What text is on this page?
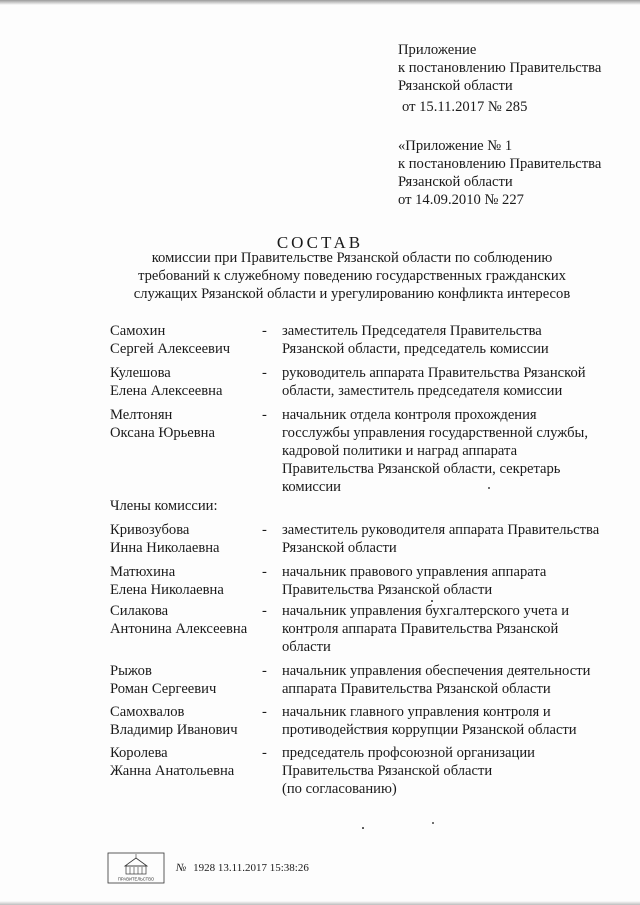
Приложение
к постановлению Правительства
Рязанской области
от 15.11.2017 № 285
«Приложение № 1
к постановлению Правительства
Рязанской области
от 14.09.2010 № 227
СОСТАВ
комиссии при Правительстве Рязанской области по соблюдению
требований к служебному поведению государственных гражданских
служащих Рязанской области и урегулированию конфликта интересов
Самохин
Сергей Алексеевич
- заместитель Председателя Правительства
Рязанской области, председатель комиссии
Кулешова
Елена Алексеевна
- руководитель аппарата Правительства Рязанской
области, заместитель председателя комиссии
Мелтонян
Оксана Юрьевна
- начальник отдела контроля прохождения
госслужбы управления государственной службы,
кадровой политики и наград аппарата
Правительства Рязанской области, секретарь
комиссии
Члены комиссии:
Кривозубова
Инна Николаевна
- заместитель руководителя аппарата Правительства
Рязанской области
Матюхина
Елена Николаевна
- начальник правового управления аппарата
Правительства Рязанской области
Силакова
Антонина Алексеевна
- начальник управления бухгалтерского учета и
контроля аппарата Правительства Рязанской
области
Рыжов
Роман Сергеевич
- начальник управления обеспечения деятельности
аппарата Правительства Рязанской области
Самохвалов
Владимир Иванович
- начальник главного управления контроля и
противодействия коррупции Рязанской области
Королева
Жанна Анатольевна
- председатель профсоюзной организации
Правительства Рязанской области
(по согласованию)
ПРАВИТЕЛЬСТВО
№ 1928 13.11.2017 15:38:26
